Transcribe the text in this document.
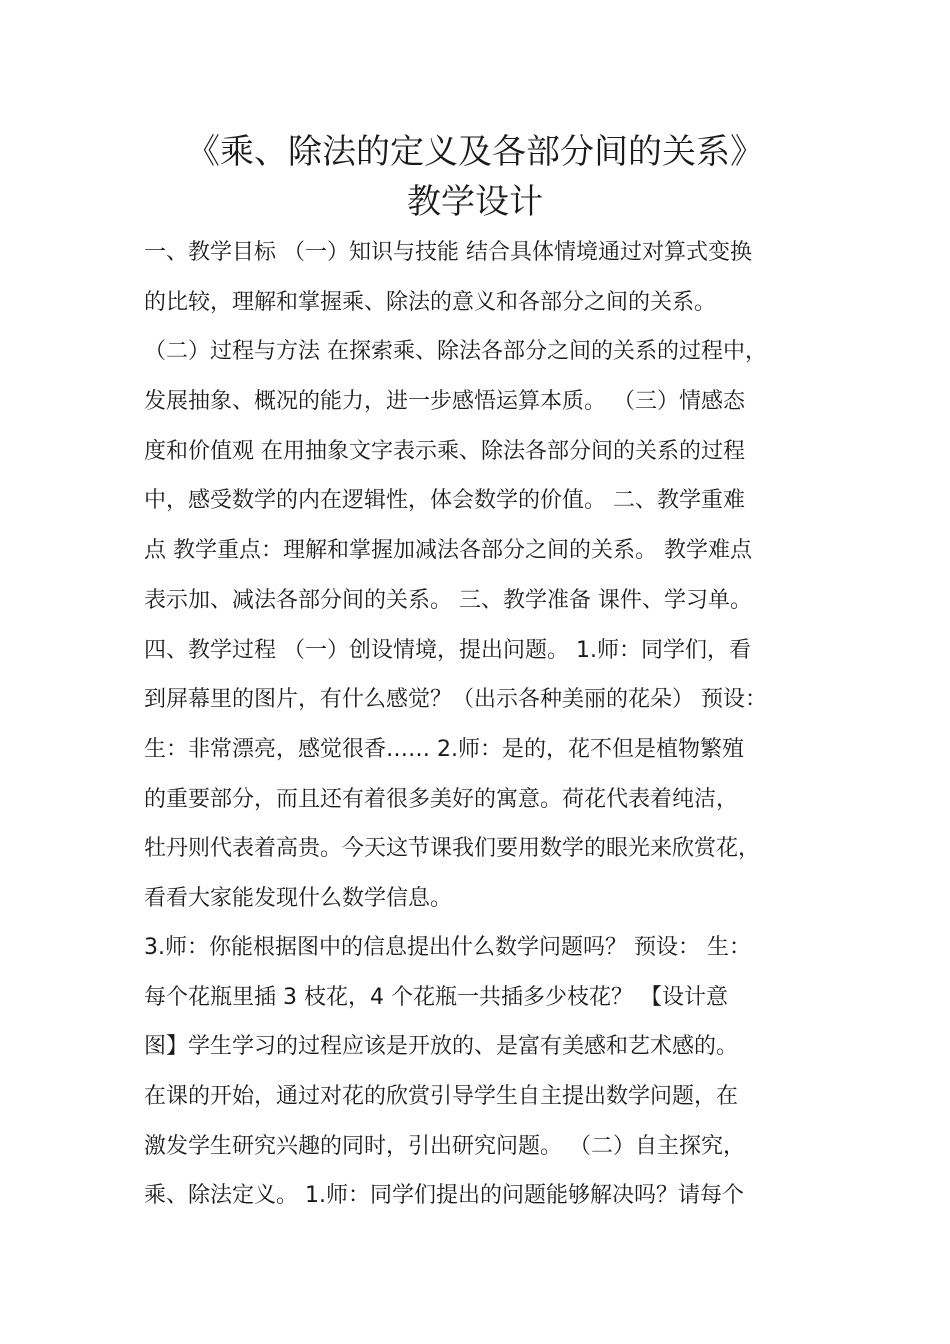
《乘、除法的定义及各部分间的关系》
教学设计
一、教学目标 （一）知识与技能 结合具体情境通过对算式变换
的比较，理解和掌握乘、除法的意义和各部分之间的关系。
（二）过程与方法 在探索乘、除法各部分之间的关系的过程中，
发展抽象、概况的能力，进一步感悟运算本质。 （三）情感态
度和价值观 在用抽象文字表示乘、除法各部分间的关系的过程
中，感受数学的内在逻辑性，体会数学的价值。 二、教学重难
点 教学重点：理解和掌握加减法各部分之间的关系。 教学难点
表示加、减法各部分间的关系。 三、教学准备 课件、学习单。
四、教学过程 （一）创设情境，提出问题。 1.师：同学们，看
到屏幕里的图片，有什么感觉？（出示各种美丽的花朵） 预设：
生：非常漂亮，感觉很香…… 2.师：是的，花不但是植物繁殖
的重要部分，而且还有着很多美好的寓意。荷花代表着纯洁，
牡丹则代表着高贵。今天这节课我们要用数学的眼光来欣赏花，
看看大家能发现什么数学信息。
3.师：你能根据图中的信息提出什么数学问题吗？ 预设： 生：
每个花瓶里插 3 枝花，4 个花瓶一共插多少枝花？ 【设计意
图】学生学习的过程应该是开放的、是富有美感和艺术感的。
在课的开始，通过对花的欣赏引导学生自主提出数学问题，在
激发学生研究兴趣的同时，引出研究问题。 （二）自主探究，
乘、除法定义。 1.师：同学们提出的问题能够解决吗？请每个
